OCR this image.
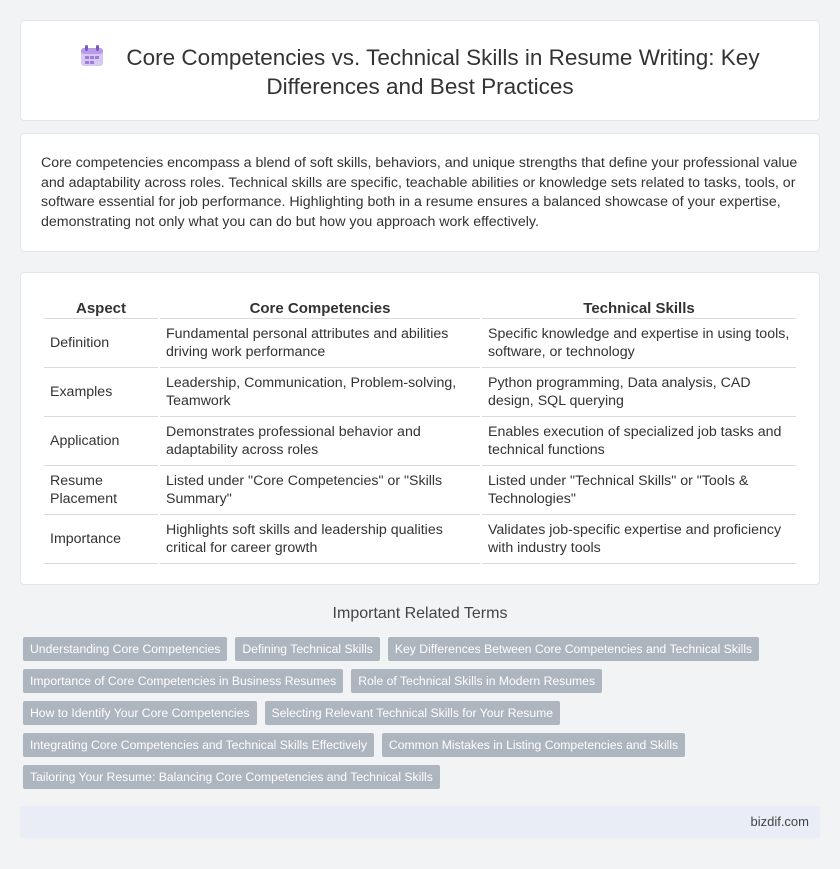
Core Competencies vs. Technical Skills in Resume Writing: Key
Differences and Best Practices

Core competencies encompass a blend of soft skills, behaviors, and unique strengths that define your professional value and adaptability across roles. Technical skills are specific, teachable abilities or knowledge sets related to tasks, tools, or software essential for job performance. Highlighting both in a resume ensures a balanced showcase of your expertise, demonstrating not only what you can do but how you approach work effectively.

Aspect	Core Competencies	Technical Skills
Definition	Fundamental personal attributes and abilities driving work performance	Specific knowledge and expertise in using tools, software, or technology
Examples	Leadership, Communication, Problem-solving, Teamwork	Python programming, Data analysis, CAD design, SQL querying
Application	Demonstrates professional behavior and adaptability across roles	Enables execution of specialized job tasks and technical functions
Resume Placement	Listed under "Core Competencies" or "Skills Summary"	Listed under "Technical Skills" or "Tools & Technologies"
Importance	Highlights soft skills and leadership qualities critical for career growth	Validates job-specific expertise and proficiency with industry tools
Important Related Terms
Understanding Core Competencies	Defining Technical Skills	Key Differences Between Core Competencies and Technical Skills
Importance of Core Competencies in Business Resumes	Role of Technical Skills in Modern Resumes
How to Identify Your Core Competencies	Selecting Relevant Technical Skills for Your Resume
Integrating Core Competencies and Technical Skills Effectively	Common Mistakes in Listing Competencies and Skills
Tailoring Your Resume: Balancing Core Competencies and Technical Skills
bizdif.com
